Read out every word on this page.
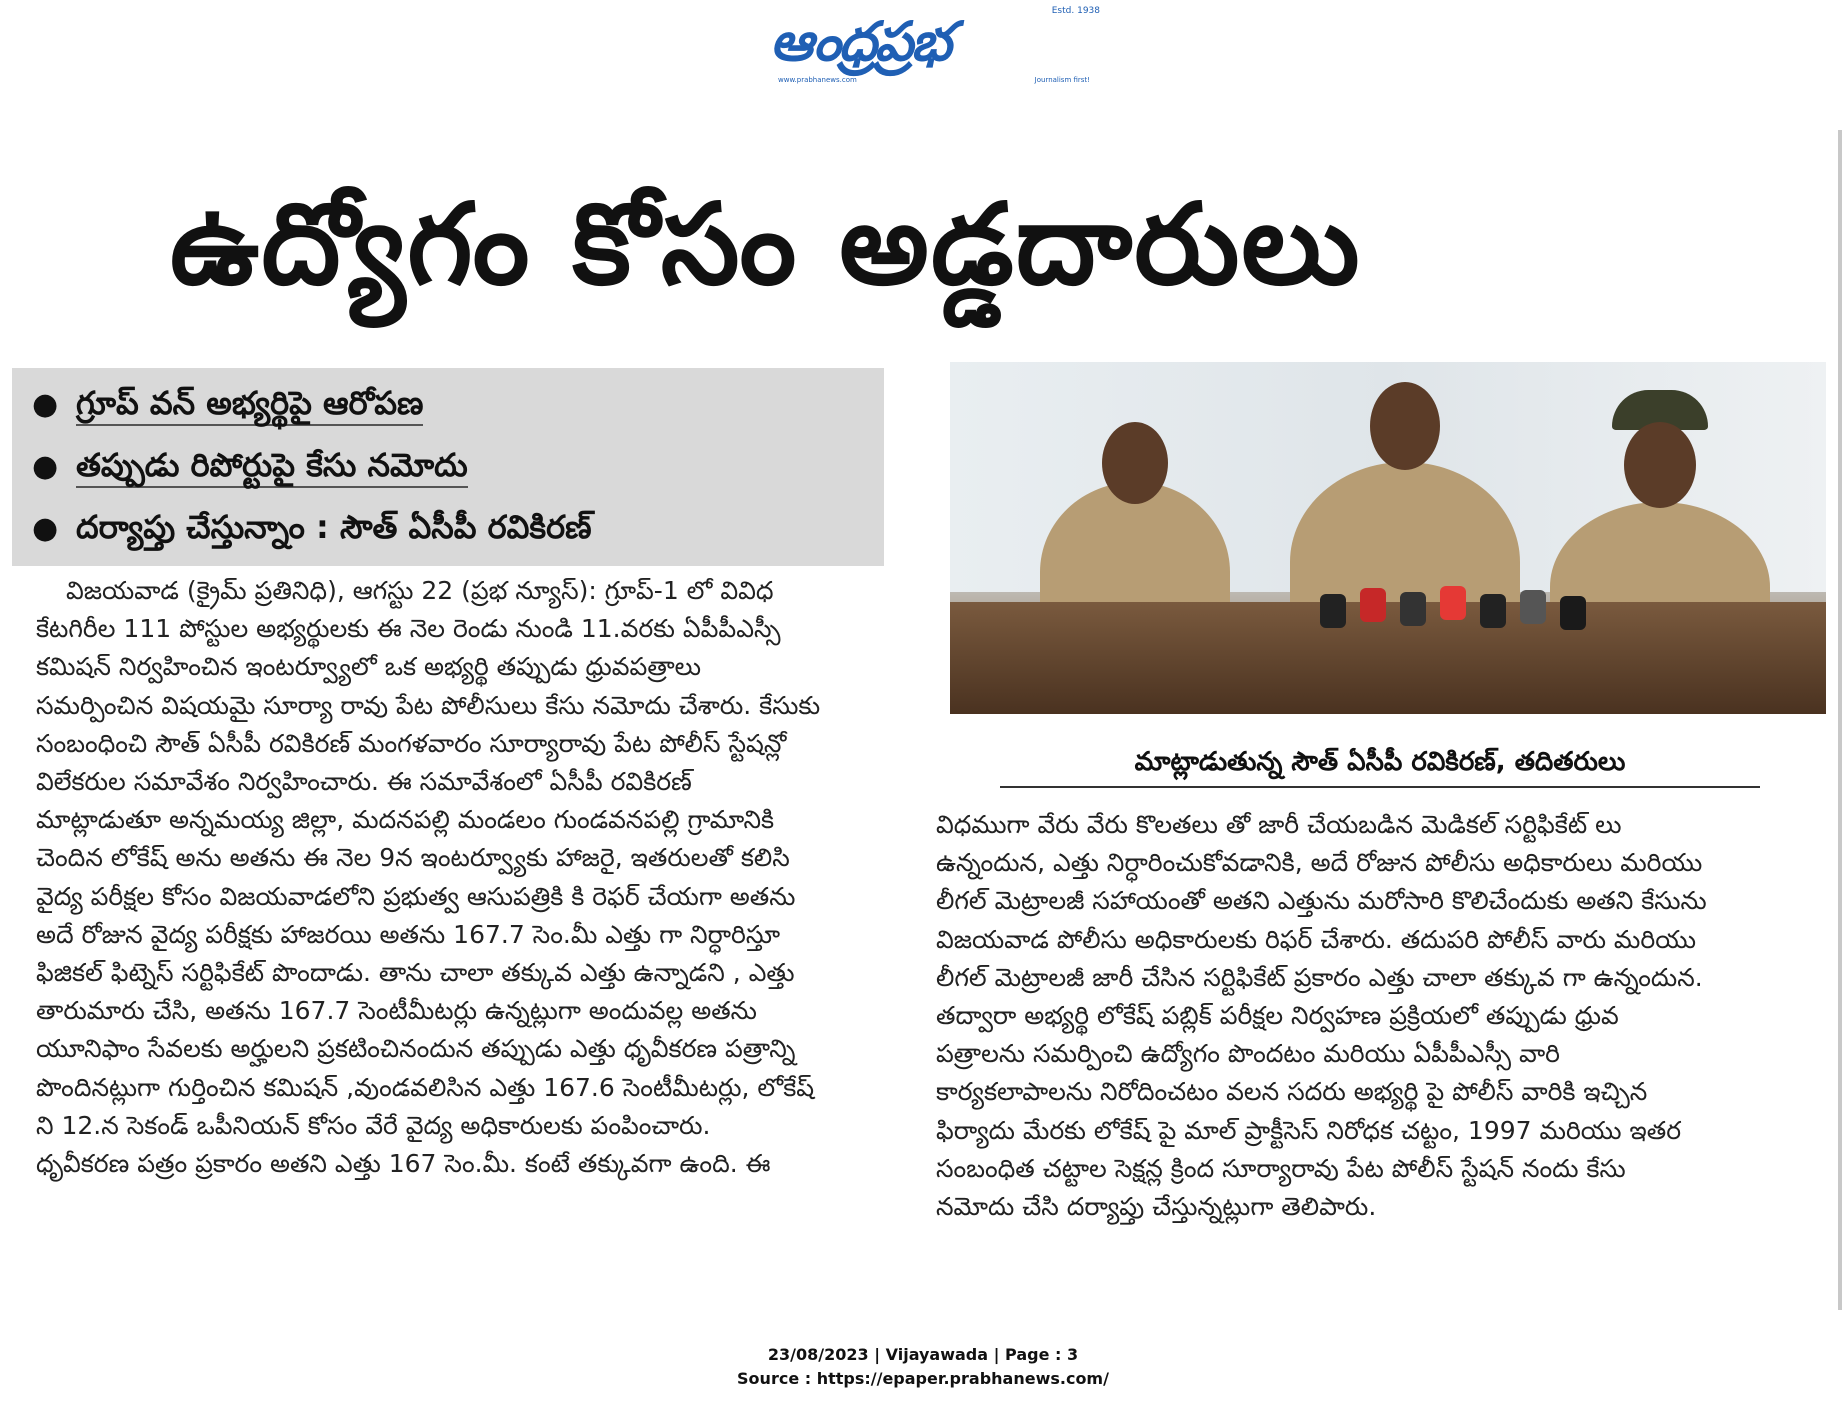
ఆంధ్రప్రభ	Estd. 1938
www.prabhanews.com	Journalism first!
ఉద్యోగం కోసం అడ్డదారులు
● గ్రూప్ వన్ అభ్యర్థిపై ఆరోపణ
● తప్పుడు రిపోర్టుపై కేసు నమోదు
● దర్యాప్తు చేస్తున్నాం : సౌత్ ఏసీపీ రవికిరణ్
మాట్లాడుతున్న సౌత్ ఏసీపీ రవికిరణ్, తదితరులు

విజయవాడ (క్రైమ్ ప్రతినిధి), ఆగస్టు 22 (ప్రభ న్యూస్): గ్రూప్-1 లో వివిధ

కేటగిరీల 111 పోస్టుల అభ్యర్థులకు ఈ నెల రెండు నుండి 11.వరకు ఏపీపీఎస్సీ

కమిషన్ నిర్వహించిన ఇంటర్వ్యూలో ఒక అభ్యర్థి తప్పుడు ధ్రువపత్రాలు

సమర్పించిన విషయమై సూర్యా రావు పేట పోలీసులు కేసు నమోదు చేశారు. కేసుకు

సంబంధించి సౌత్ ఏసీపీ రవికిరణ్ మంగళవారం సూర్యారావు పేట పోలీస్ స్టేషన్లో

విలేకరుల సమావేశం నిర్వహించారు. ఈ సమావేశంలో ఏసీపీ రవికిరణ్

మాట్లాడుతూ అన్నమయ్య జిల్లా, మదనపల్లి మండలం గుండవనపల్లి గ్రామానికి

చెందిన లోకేష్ అను అతను ఈ నెల 9న ఇంటర్వ్యూకు హాజరై, ఇతరులతో కలిసి

వైద్య పరీక్షల కోసం విజయవాడలోని ప్రభుత్వ ఆసుపత్రికి కి రెఫర్ చేయగా అతను

అదే రోజున వైద్య పరీక్షకు హాజరయి అతను 167.7 సెం.మీ ఎత్తు గా నిర్ధారిస్తూ

ఫిజికల్ ఫిట్నెస్ సర్టిఫికేట్ పొందాడు. తాను చాలా తక్కువ ఎత్తు ఉన్నాడని , ఎత్తు

తారుమారు చేసి, అతను 167.7 సెంటీమీటర్లు ఉన్నట్లుగా అందువల్ల అతను

యూనిఫాం సేవలకు అర్హులని ప్రకటించినందున తప్పుడు ఎత్తు ధృవీకరణ పత్రాన్ని

పొందినట్లుగా గుర్తించిన కమిషన్ ,వుండవలిసిన ఎత్తు 167.6 సెంటీమీటర్లు, లోకేష్

ని 12.న సెకండ్ ఒపీనియన్ కోసం వేరే వైద్య అధికారులకు పంపించారు.

ధృవీకరణ పత్రం ప్రకారం అతని ఎత్తు 167 సెం.మీ. కంటే తక్కువగా ఉంది. ఈ

విధముగా వేరు వేరు కొలతలు తో జారీ చేయబడిన మెడికల్ సర్టిఫికేట్ లు

ఉన్నందున, ఎత్తు నిర్ధారించుకోవడానికి, అదే రోజున పోలీసు అధికారులు మరియు

లీగల్ మెట్రాలజీ సహాయంతో అతని ఎత్తును మరోసారి కొలిచేందుకు అతని కేసును

విజయవాడ పోలీసు అధికారులకు రిఫర్ చేశారు. తదుపరి పోలీస్ వారు మరియు

లీగల్ మెట్రాలజీ జారీ చేసిన సర్టిఫికేట్ ప్రకారం ఎత్తు చాలా తక్కువ గా ఉన్నందున.

తద్వారా అభ్యర్థి లోకేష్ పబ్లిక్ పరీక్షల నిర్వహణ ప్రక్రియలో తప్పుడు ధ్రువ

పత్రాలను సమర్పించి ఉద్యోగం పొందటం మరియు ఏపీపీఎస్సీ వారి

కార్యకలాపాలను నిరోదించటం వలన సదరు అభ్యర్థి పై పోలీస్ వారికి ఇచ్చిన

ఫిర్యాదు మేరకు లోకేష్ పై మాల్ ప్రాక్టీసెస్ నిరోధక చట్టం, 1997 మరియు ఇతర

సంబంధిత చట్టాల సెక్షన్ల క్రింద సూర్యారావు పేట పోలీస్ స్టేషన్ నందు కేసు

నమోదు చేసి దర్యాప్తు చేస్తున్నట్లుగా తెలిపారు.

23/08/2023 | Vijayawada | Page : 3
Source : https://epaper.prabhanews.com/
